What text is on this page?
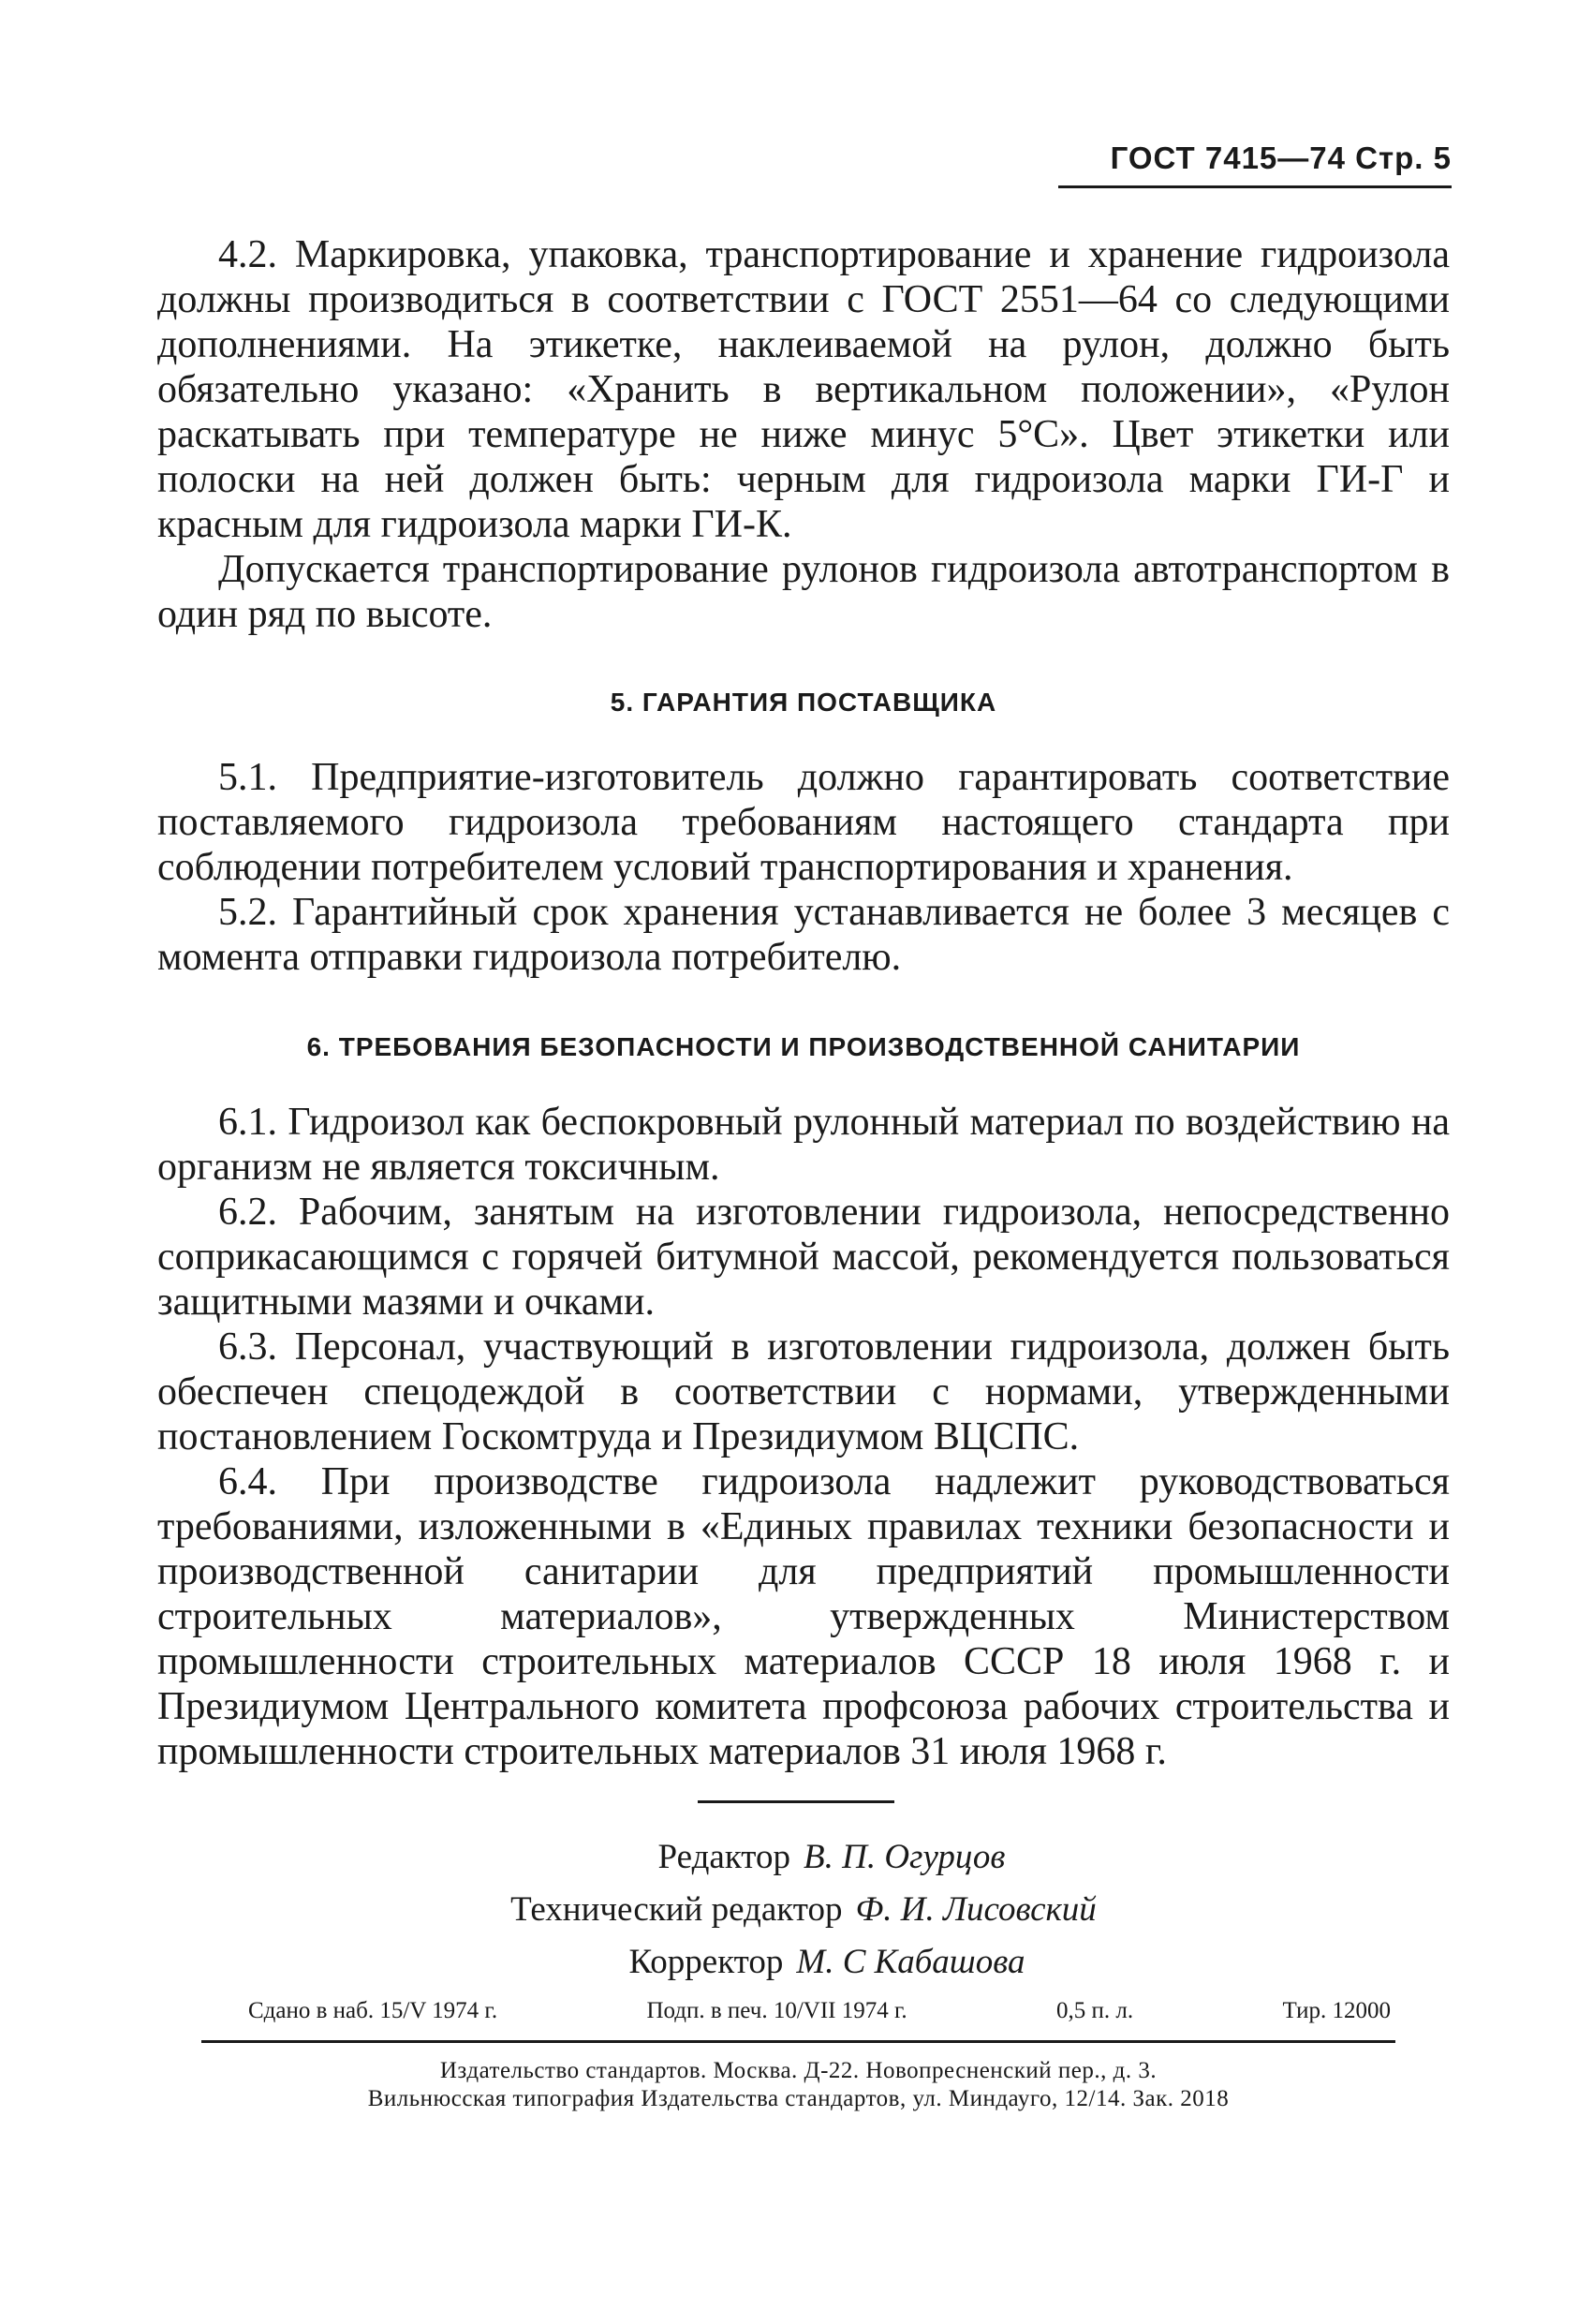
ГОСТ 7415—74 Стр. 5

4.2. Маркировка, упаковка, транспортирование и хранение гидроизола должны производиться в соответствии с ГОСТ 2551—64 со следующими дополнениями. На этикетке, наклеиваемой на рулон, должно быть обязательно указано: «Хранить в вертикальном положении», «Рулон раскатывать при температуре не ниже минус 5°С». Цвет этикетки или полоски на ней должен быть: черным для гидроизола марки ГИ-Г и красным для гидроизола марки ГИ-К.

Допускается транспортирование рулонов гидроизола автотранспортом в один ряд по высоте.

5. ГАРАНТИЯ ПОСТАВЩИКА

5.1. Предприятие-изготовитель должно гарантировать соответствие поставляемого гидроизола требованиям настоящего стандарта при соблюдении потребителем условий транспортирования и хранения.

5.2. Гарантийный срок хранения устанавливается не более 3 месяцев с момента отправки гидроизола потребителю.

6. ТРЕБОВАНИЯ БЕЗОПАСНОСТИ И ПРОИЗВОДСТВЕННОЙ САНИТАРИИ

6.1. Гидроизол как беспокровный рулонный материал по воздействию на организм не является токсичным.

6.2. Рабочим, занятым на изготовлении гидроизола, непосредственно соприкасающимся с горячей битумной массой, рекомендуется пользоваться защитными мазями и очками.

6.3. Персонал, участвующий в изготовлении гидроизола, должен быть обеспечен спецодеждой в соответствии с нормами, утвержденными постановлением Госкомтруда и Президиумом ВЦСПС.

6.4. При производстве гидроизола надлежит руководствоваться требованиями, изложенными в «Единых правилах техники безопасности и производственной санитарии для предприятий промышленности строительных материалов», утвержденных Министерством промышленности строительных материалов СССР 18 июля 1968 г. и Президиумом Центрального комитета профсоюза рабочих строительства и промышленности строительных материалов 31 июля 1968 г.

Редактор В. П. Огурцов
Технический редактор Ф. И. Лисовский
Корректор М. С Кабашова
Сдано в наб. 15/V 1974 г.	Подп. в печ. 10/VII 1974 г.	0,5 п. л.	Тир. 12000
Издательство стандартов. Москва. Д-22. Новопресненский пер., д. 3.
Вильнюсская типография Издательства стандартов, ул. Миндауго, 12/14. Зак. 2018
